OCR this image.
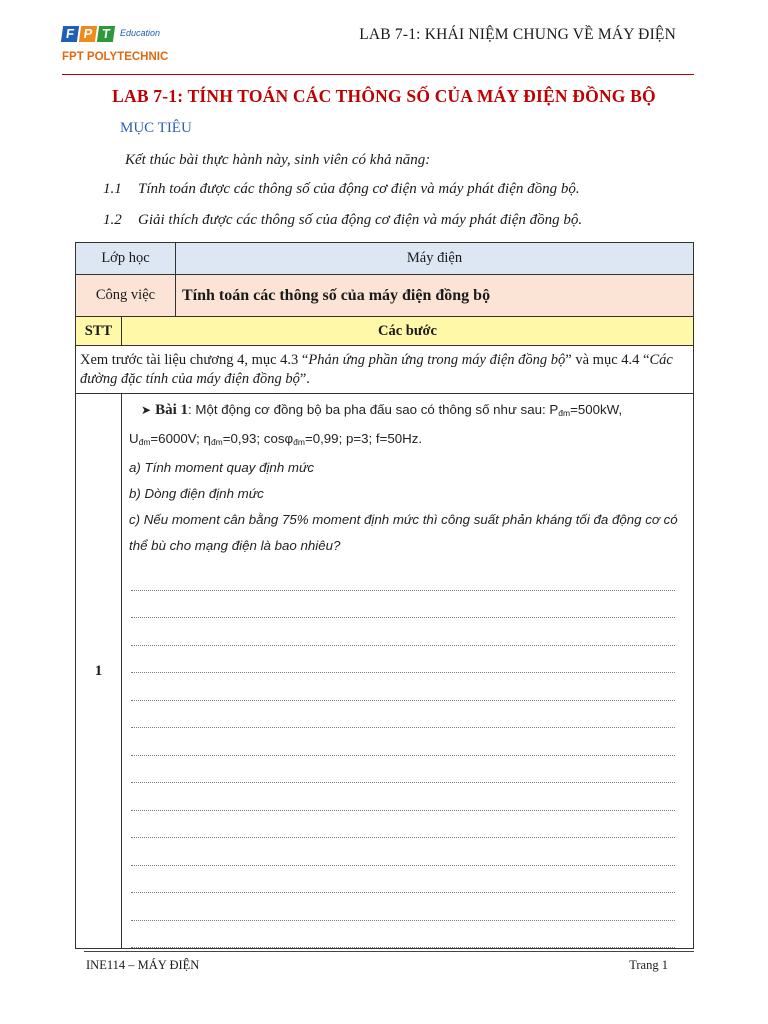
F P T Education
FPT POLYTECHNIC
LAB 7-1: KHÁI NIỆM CHUNG VỀ MÁY ĐIỆN
LAB 7-1: TÍNH TOÁN CÁC THÔNG SỐ CỦA MÁY ĐIỆN ĐỒNG BỘ
MỤC TIÊU
Kết thúc bài thực hành này, sinh viên có khả năng:
1.1 Tính toán được các thông số của động cơ điện và máy phát điện đồng bộ.
1.2 Giải thích được các thông số của động cơ điện và máy phát điện đồng bộ.
Lớp học		Máy điện
Công việc		Tính toán các thông số của máy điện đồng bộ
STT	Các bước	
Xem trước tài liệu chương 4, mục 4.3 “Phản ứng phần ứng trong máy điện đồng bộ” và mục 4.4 “Các đường đặc tính của máy điện đồng bộ”.		
1	➤ Bài 1: Một động cơ đồng bộ ba pha đấu sao có thông số như sau: $P_{đm}=500kW$,

$U_{đm}=6000V$; $\eta_{đm}=0,93$; cosφ$_{đm}$=0,99; p=3; f=50Hz.

a) Tính moment quay định mức

b) Dòng điện định mức

c) Nếu moment cân bằng 75% moment định mức thì công suất phản kháng tối đa động cơ có thể bù cho mạng điện là bao nhiêu?	

INE114 – MÁY ĐIỆN	Trang 1
